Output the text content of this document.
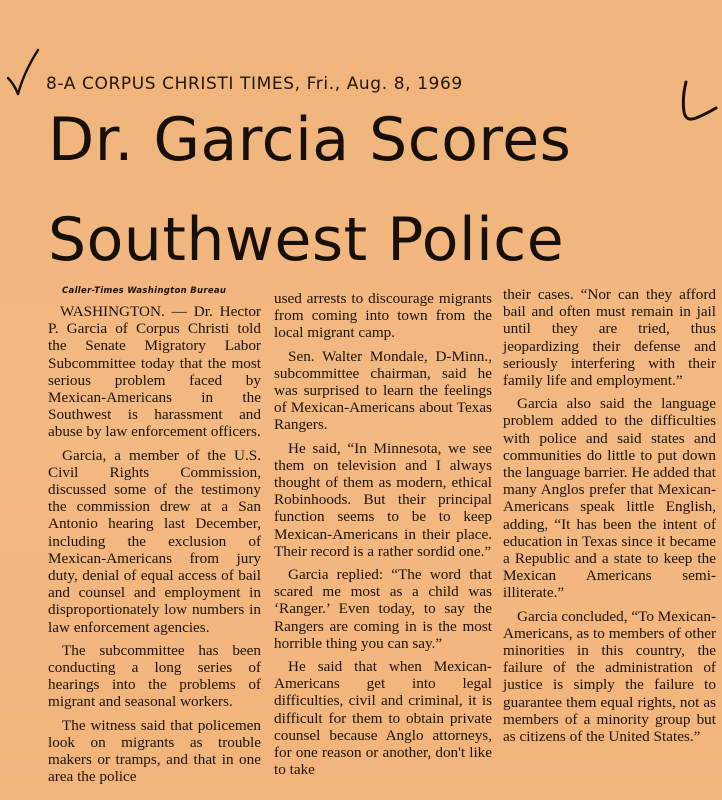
8-A CORPUS CHRISTI TIMES, Fri., Aug. 8, 1969
Dr. Garcia Scores
Southwest Police

Caller-Times Washington Bureau

WASHINGTON. — Dr. Hector P. Garcia of Corpus Christi told the Senate Migratory Labor Subcommittee today that the most serious problem faced by Mexican-Americans in the Southwest is harassment and abuse by law enforcement officers.

Garcia, a member of the U.S. Civil Rights Commission, discussed some of the testimony the commission drew at a San Antonio hearing last December, including the exclusion of Mexican-Americans from jury duty, denial of equal access of bail and counsel and employment in disproportionately low numbers in law enforcement agencies.

The subcommittee has been conducting a long series of hearings into the problems of migrant and seasonal workers.

The witness said that policemen look on migrants as trouble makers or tramps, and that in one area the police

used arrests to discourage migrants from coming into town from the local migrant camp.

Sen. Walter Mondale, D-Minn., subcommittee chairman, said he was surprised to learn the feelings of Mexican-Americans about Texas Rangers.

He said, “In Minnesota, we see them on television and I always thought of them as modern, ethical Robinhoods. But their principal function seems to be to keep Mexican-Americans in their place. Their record is a rather sordid one.”

Garcia replied: “The word that scared me most as a child was ‘Ranger.’ Even today, to say the Rangers are coming in is the most horrible thing you can say.”

He said that when Mexican-Americans get into legal difficulties, civil and criminal, it is difficult for them to obtain private counsel because Anglo attorneys, for one reason or another, don't like to take

their cases. “Nor can they afford bail and often must remain in jail until they are tried, thus jeopardizing their defense and seriously interfering with their family life and employment.”

Garcia also said the language problem added to the difficulties with police and said states and communities do little to put down the language barrier. He added that many Anglos prefer that Mexican-Americans speak little English, adding, “It has been the intent of education in Texas since it became a Republic and a state to keep the Mexican Americans semi-illiterate.”

Garcia concluded, “To Mexican-Americans, as to members of other minorities in this country, the failure of the administration of justice is simply the failure to guarantee them equal rights, not as members of a minority group but as citizens of the United States.”
